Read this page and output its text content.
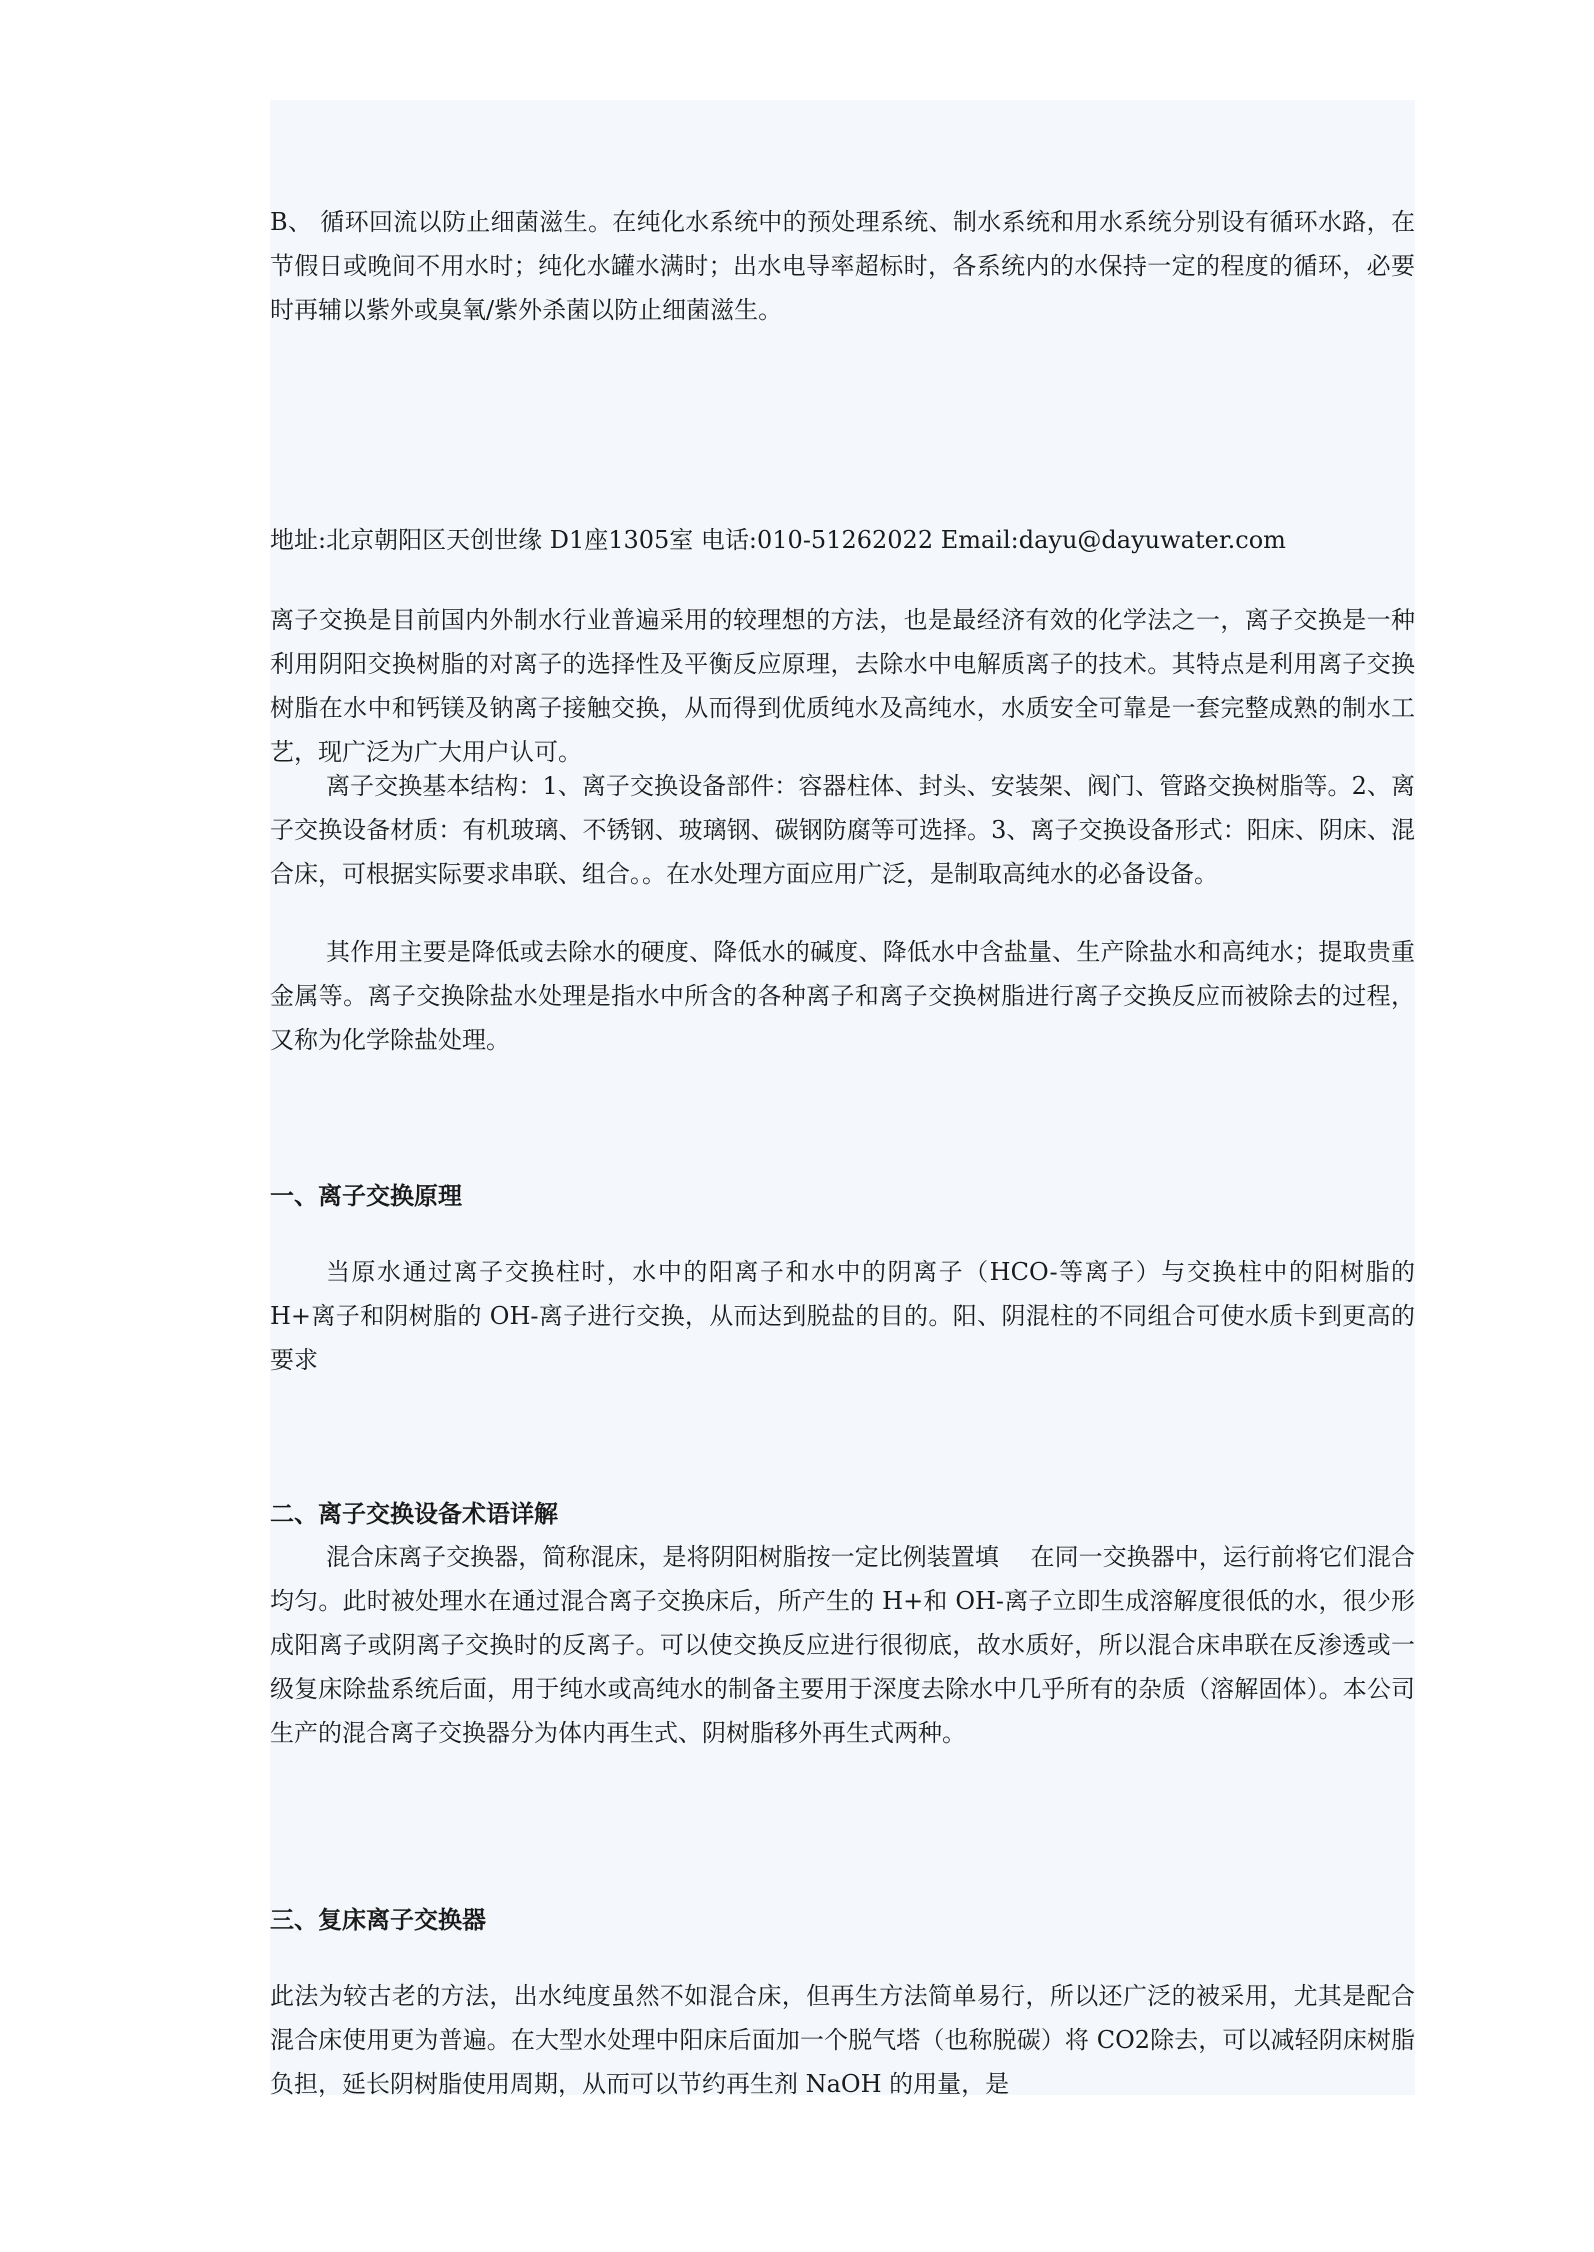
B、 循环回流以防止细菌滋生。在纯化水系统中的预处理系统、制水系统和用水系统分别设有循环水路，在节假日或晚间不用水时；纯化水罐水满时；出水电导率超标时，各系统内的水保持一定的程度的循环，必要时再辅以紫外或臭氧/紫外杀菌以防止细菌滋生。

地址:北京朝阳区天创世缘 D1座1305室 电话:010-51262022 Email:dayu@dayuwater.com

离子交换是目前国内外制水行业普遍采用的较理想的方法，也是最经济有效的化学法之一，离子交换是一种利用阴阳交换树脂的对离子的选择性及平衡反应原理，去除水中电解质离子的技术。其特点是利用离子交换树脂在水中和钙镁及钠离子接触交换，从而得到优质纯水及高纯水，水质安全可靠是一套完整成熟的制水工艺，现广泛为广大用户认可。

离子交换基本结构：1、离子交换设备部件：容器柱体、封头、安装架、阀门、管路交换树脂等。2、离子交换设备材质：有机玻璃、不锈钢、玻璃钢、碳钢防腐等可选择。3、离子交换设备形式：阳床、阴床、混合床，可根据实际要求串联、组合。。在水处理方面应用广泛，是制取高纯水的必备设备。

其作用主要是降低或去除水的硬度、降低水的碱度、降低水中含盐量、生产除盐水和高纯水；提取贵重金属等。离子交换除盐水处理是指水中所含的各种离子和离子交换树脂进行离子交换反应而被除去的过程，又称为化学除盐处理。

一、离子交换原理

当原水通过离子交换柱时，水中的阳离子和水中的阴离子（HCO-等离子）与交换柱中的阳树脂的 H+离子和阴树脂的 OH-离子进行交换，从而达到脱盐的目的。阳、阴混柱的不同组合可使水质卡到更高的要求

二、离子交换设备术语详解

混合床离子交换器，简称混床，是将阴阳树脂按一定比例装置填　 在同一交换器中，运行前将它们混合均匀。此时被处理水在通过混合离子交换床后，所产生的 H+和 OH-离子立即生成溶解度很低的水，很少形成阳离子或阴离子交换时的反离子。可以使交换反应进行很彻底，故水质好，所以混合床串联在反渗透或一级复床除盐系统后面，用于纯水或高纯水的制备主要用于深度去除水中几乎所有的杂质（溶解固体）。本公司生产的混合离子交换器分为体内再生式、阴树脂移外再生式两种。

三、复床离子交换器

此法为较古老的方法，出水纯度虽然不如混合床，但再生方法简单易行，所以还广泛的被采用，尤其是配合混合床使用更为普遍。在大型水处理中阳床后面加一个脱气塔（也称脱碳）将 CO2除去，可以减轻阴床树脂负担，延长阴树脂使用周期，从而可以节约再生剂 NaOH 的用量，是
